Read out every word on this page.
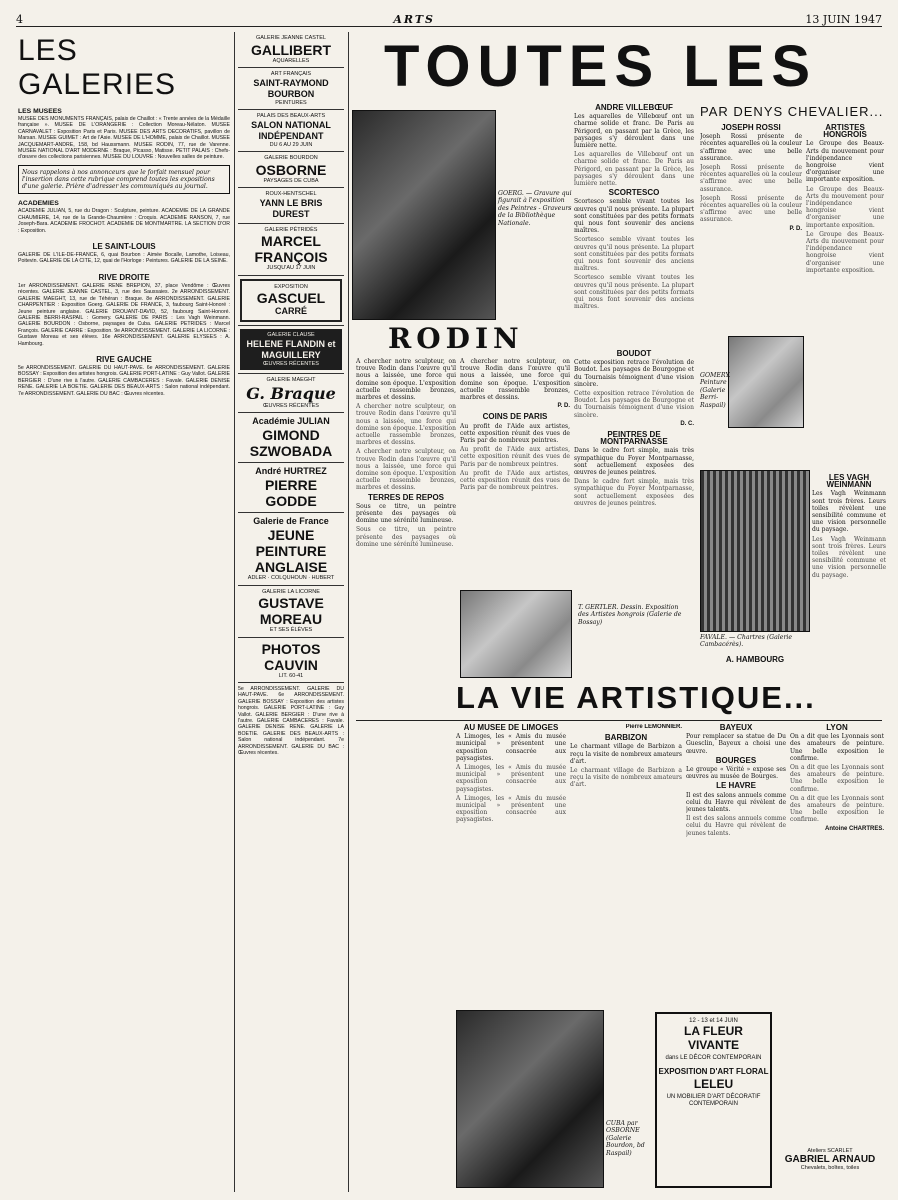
4	ARTS	13 JUIN 1947
LES GALERIES
LES MUSEES

MUSEE DES MONUMENTS FRANÇAIS, palais de Chaillot : « Trente années de la Médaille française ». MUSEE DE L'ORANGERIE : Collection Moreau-Nélaton. MUSEE CARNAVALET : Exposition Paris et Paris. MUSEE DES ARTS DECORATIFS, pavillon de Marsan. MUSEE GUIMET : Art de l'Asie. MUSEE DE L'HOMME, palais de Chaillot. MUSEE JACQUEMART-ANDRE, 158, bd Haussmann. MUSEE RODIN, 77, rue de Varenne. MUSEE NATIONAL D'ART MODERNE : Braque, Picasso, Matisse. PETIT PALAIS : Chefs-d'œuvre des collections parisiennes. MUSEE DU LOUVRE : Nouvelles salles de peinture.

Nous rappelons à nos annonceurs que le forfait mensuel pour l'insertion dans cette rubrique comprend toutes les expositions d'une galerie. Prière d'adresser les communiqués au journal.
ACADEMIES

ACADEMIE JULIAN, 5, rue du Dragon : Sculpture, peinture. ACADEMIE DE LA GRANDE CHAUMIERE, 14, rue de la Grande-Chaumière : Croquis. ACADEMIE RANSON, 7, rue Joseph-Bara. ACADEMIE FROCHOT. ACADEMIE DE MONTMARTRE. LA SECTION D'OR : Exposition.

LE SAINT-LOUIS

GALERIE DE L'ILE-DE-FRANCE, 6, quai Bourbon : Aimée Bocalle, Lamothe, Loiseau, Poitevin. GALERIE DE LA CITE, 12, quai de l'Horloge : Peintures. GALERIE DE LA SEINE.

RIVE DROITE

1er ARRONDISSEMENT. GALERIE RENE BREPION, 37, place Vendôme : Œuvres récentes. GALERIE JEANNE CASTEL, 3, rue des Saussaies. 2e ARRONDISSEMENT. GALERIE MAEGHT, 13, rue de Téhéran : Braque. 8e ARRONDISSEMENT. GALERIE CHARPENTIER : Exposition Goerg. GALERIE DE FRANCE, 3, faubourg Saint-Honoré : Jeune peinture anglaise. GALERIE DROUANT-DAVID, 52, faubourg Saint-Honoré. GALERIE BERRI-RASPAIL : Gomery. GALERIE DE PARIS : Les Vagh Weinmann. GALERIE BOURDON : Osborne, paysages de Cuba. GALERIE PETRIDES : Marcel François. GALERIE CARRE : Exposition. 9e ARRONDISSEMENT. GALERIE LA LICORNE : Gustave Moreau et ses élèves. 16e ARRONDISSEMENT. GALERIE ELYSEES : A. Hambourg.

RIVE GAUCHE

5e ARRONDISSEMENT. GALERIE DU HAUT-PAVE. 6e ARRONDISSEMENT. GALERIE BOSSAY : Exposition des artistes hongrois. GALERIE PORT-LATINE : Guy Vallot. GALERIE BERGIER : D'une rive à l'autre. GALERIE CAMBACERES : Favale. GALERIE DENISE RENE. GALERIE LA BOETIE. GALERIE DES BEAUX-ARTS : Salon national indépendant. 7e ARRONDISSEMENT. GALERIE DU BAC : Œuvres récentes.

GALERIE JEANNE CASTEL
GALLIBERT
AQUARELLES
ART FRANÇAIS
SAINT-RAYMOND BOURBON
PEINTURES
PALAIS DES BEAUX-ARTS
SALON NATIONAL INDÉPENDANT
DU 6 AU 29 JUIN
GALERIE BOURDON
OSBORNE
PAYSAGES DE CUBA
ROUX-HENTSCHEL
YANN LE BRIS DUREST
GALERIE PÉTRIDÈS
MARCEL FRANÇOIS
JUSQU'AU 17 JUIN
EXPOSITION
GASCUEL
CARRÉ
GALERIE CLAUSE
HELENE FLANDIN et MAGUILLERY
ŒUVRES RÉCENTES
GALERIE MAEGHT
G. Braque
ŒUVRES RÉCENTES
Académie JULIAN
GIMOND
SZWOBADA
André HURTREZ
PIERRE GODDE
Galerie de France
JEUNE PEINTURE ANGLAISE
ADLER · COLQUHOUN · HUBERT
GALERIE LA LICORNE
GUSTAVE MOREAU
ET SES ÉLÈVES
PHOTOS CAUVIN
LIT. 60-41
5e ARRONDISSEMENT. GALERIE DU HAUT-PAVE. 6e ARRONDISSEMENT. GALERIE BOSSAY : Exposition des artistes hongrois. GALERIE PORT-LATINE : Guy Vallot. GALERIE BERGIER : D'une rive à l'autre. GALERIE CAMBACERES : Favale. GALERIE DENISE RENE. GALERIE LA BOETIE. GALERIE DES BEAUX-ARTS : Salon national indépendant. 7e ARRONDISSEMENT. GALERIE DU BAC : Œuvres récentes.
TOUTES LES
PAR DENYS CHEVALIER...
GOERG. — Gravure qui figurait à l'exposition des Peintres - Graveurs de la Bibliothèque Nationale.
ANDRE VILLEBŒUF

Les aquarelles de Villebœuf ont un charme solide et franc. De Paris au Périgord, en passant par la Grèce, les paysages s'y déroulent dans une lumière nette.

Les aquarelles de Villebœuf ont un charme solide et franc. De Paris au Périgord, en passant par la Grèce, les paysages s'y déroulent dans une lumière nette.

SCORTESCO

Scortesco semble vivant toutes les œuvres qu'il nous présente. La plupart sont constituées par des petits formats qui nous font souvenir des anciens maîtres.

Scortesco semble vivant toutes les œuvres qu'il nous présente. La plupart sont constituées par des petits formats qui nous font souvenir des anciens maîtres.

Scortesco semble vivant toutes les œuvres qu'il nous présente. La plupart sont constituées par des petits formats qui nous font souvenir des anciens maîtres.

JOSEPH ROSSI

Joseph Rossi présente de récentes aquarelles où la couleur s'affirme avec une belle assurance.

Joseph Rossi présente de récentes aquarelles où la couleur s'affirme avec une belle assurance.

Joseph Rossi présente de récentes aquarelles où la couleur s'affirme avec une belle assurance.

P. D.
ARTISTES HONGROIS

Le Groupe des Beaux-Arts du mouvement pour l'indépendance hongroise vient d'organiser une importante exposition.

Le Groupe des Beaux-Arts du mouvement pour l'indépendance hongroise vient d'organiser une importante exposition.

Le Groupe des Beaux-Arts du mouvement pour l'indépendance hongroise vient d'organiser une importante exposition.

GOMERY. Peinture (Galerie Berri-Raspail)
RODIN

A chercher notre sculpteur, on trouve Rodin dans l'œuvre qu'il nous a laissée, une force qui domine son époque. L'exposition actuelle rassemble bronzes, marbres et dessins.

A chercher notre sculpteur, on trouve Rodin dans l'œuvre qu'il nous a laissée, une force qui domine son époque. L'exposition actuelle rassemble bronzes, marbres et dessins.

A chercher notre sculpteur, on trouve Rodin dans l'œuvre qu'il nous a laissée, une force qui domine son époque. L'exposition actuelle rassemble bronzes, marbres et dessins.

TERRES DE REPOS

Sous ce titre, un peintre présente des paysages où domine une sérénité lumineuse.

Sous ce titre, un peintre présente des paysages où domine une sérénité lumineuse.

A chercher notre sculpteur, on trouve Rodin dans l'œuvre qu'il nous a laissée, une force qui domine son époque. L'exposition actuelle rassemble bronzes, marbres et dessins.

P. D.
COINS DE PARIS

Au profit de l'Aide aux artistes, cette exposition réunit des vues de Paris par de nombreux peintres.

Au profit de l'Aide aux artistes, cette exposition réunit des vues de Paris par de nombreux peintres.

Au profit de l'Aide aux artistes, cette exposition réunit des vues de Paris par de nombreux peintres.

BOUDOT

Cette exposition retrace l'évolution de Boudot. Les paysages de Bourgogne et du Tournaisis témoignent d'une vision sincère.

Cette exposition retrace l'évolution de Boudot. Les paysages de Bourgogne et du Tournaisis témoignent d'une vision sincère.

D. C.
PEINTRES DE MONTPARNASSE

Dans le cadre fort simple, mais très sympathique du Foyer Montparnasse, sont actuellement exposées des œuvres de jeunes peintres.

Dans le cadre fort simple, mais très sympathique du Foyer Montparnasse, sont actuellement exposées des œuvres de jeunes peintres.

FAVALE. — Chartres (Galerie Cambacérès).
LES VAGH WEINMANN

Les Vagh Weinmann sont trois frères. Leurs toiles révèlent une sensibilité commune et une vision personnelle du paysage.

Les Vagh Weinmann sont trois frères. Leurs toiles révèlent une sensibilité commune et une vision personnelle du paysage.

T. GERTLER. Dessin. Exposition des Artistes hongrois (Galerie de Bossay)
A. HAMBOURG
LA VIE ARTISTIQUE...
AU MUSEE DE LIMOGES

A Limoges, les « Amis du musée municipal » présentent une exposition consacrée aux paysagistes.

A Limoges, les « Amis du musée municipal » présentent une exposition consacrée aux paysagistes.

A Limoges, les « Amis du musée municipal » présentent une exposition consacrée aux paysagistes.

Pierre LEMONNIER.
BARBIZON

Le charmant village de Barbizon a reçu la visite de nombreux amateurs d'art.

Le charmant village de Barbizon a reçu la visite de nombreux amateurs d'art.

BAYEUX

Pour remplacer sa statue de Du Guesclin, Bayeux a choisi une œuvre.

BOURGES

Le groupe « Vérité » expose ses œuvres au musée de Bourges.

LE HAVRE

Il est des salons annuels comme celui du Havre qui révèlent de jeunes talents.

Il est des salons annuels comme celui du Havre qui révèlent de jeunes talents.

LYON

On a dit que les Lyonnais sont des amateurs de peinture. Une belle exposition le confirme.

On a dit que les Lyonnais sont des amateurs de peinture. Une belle exposition le confirme.

On a dit que les Lyonnais sont des amateurs de peinture. Une belle exposition le confirme.

Antoine CHARTRES.
CUBA par OSBORNE (Galerie Bourdon, bd Raspail)
12 - 13 et 14 JUIN
LA FLEUR VIVANTE
dans LE DÉCOR CONTEMPORAIN
EXPOSITION D'ART FLORAL
LELEU
UN MOBILIER D'ART DÉCORATIF CONTEMPORAIN
Ateliers SCARLET
GABRIEL ARNAUD
Chevalets, boîtes, toiles
